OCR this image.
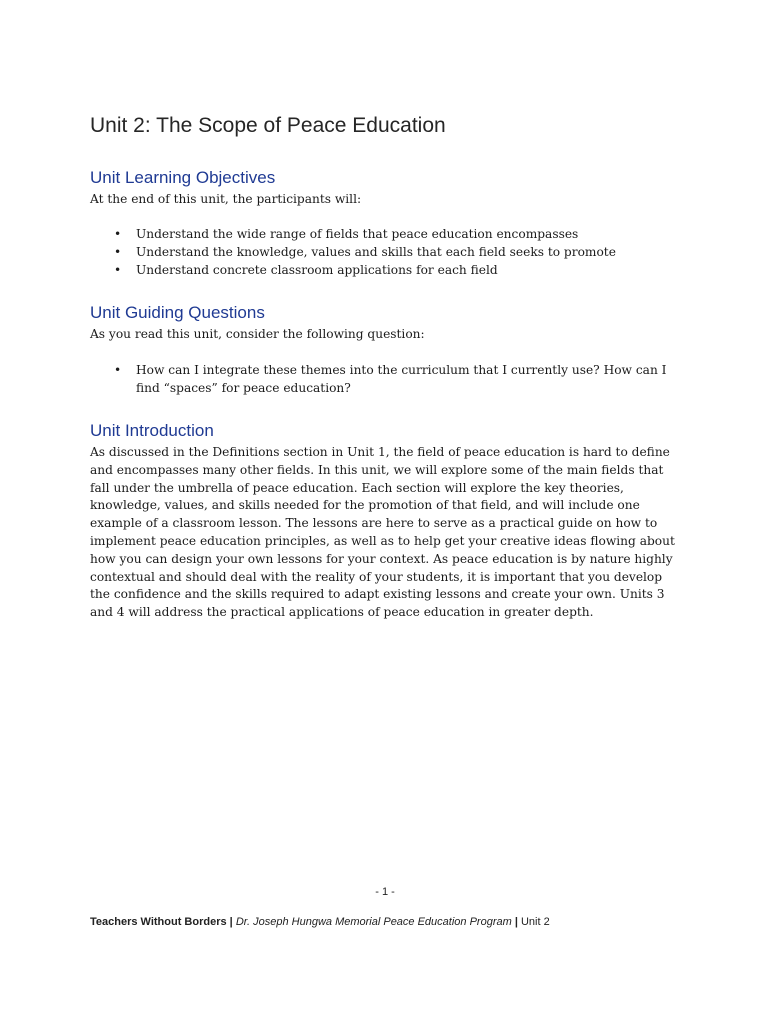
Unit 2: The Scope of Peace Education
Unit Learning Objectives

At the end of this unit, the participants will:

• Understand the wide range of fields that peace education encompasses
• Understand the knowledge, values and skills that each field seeks to promote
• Understand concrete classroom applications for each field
Unit Guiding Questions

As you read this unit, consider the following question:

• How can I integrate these themes into the curriculum that I currently use? How can I find “spaces” for peace education?
Unit Introduction

As discussed in the Definitions section in Unit 1, the field of peace education is hard to define and encompasses many other fields. In this unit, we will explore some of the main fields that fall under the umbrella of peace education. Each section will explore the key theories, knowledge, values, and skills needed for the promotion of that field, and will include one example of a classroom lesson. The lessons are here to serve as a practical guide on how to implement peace education principles, as well as to help get your creative ideas flowing about how you can design your own lessons for your context. As peace education is by nature highly contextual and should deal with the reality of your students, it is important that you develop the confidence and the skills required to adapt existing lessons and create your own. Units 3 and 4 will address the practical applications of peace education in greater depth.

- 1 -
Teachers Without Borders | Dr. Joseph Hungwa Memorial Peace Education Program | Unit 2
